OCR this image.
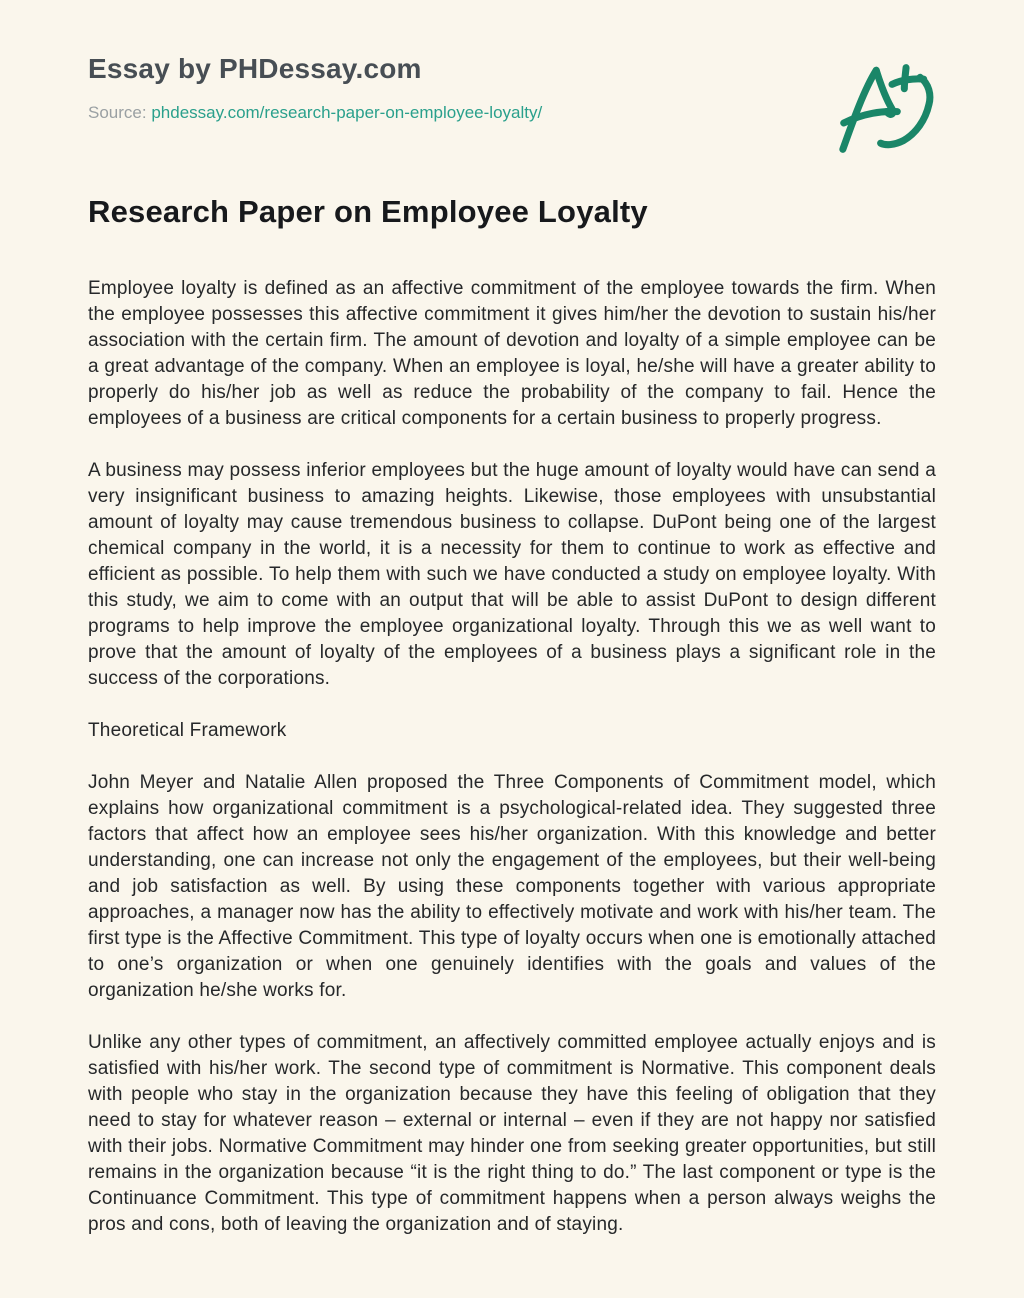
Essay by PHDessay.com
Source: phdessay.com/research-paper-on-employee-loyalty/
Research Paper on Employee Loyalty

Employee loyalty is defined as an affective commitment of the employee towards the firm. When the employee possesses this affective commitment it gives him/her the devotion to sustain his/her association with the certain firm. The amount of devotion and loyalty of a simple employee can be a great advantage of the company. When an employee is loyal, he/she will have a greater ability to properly do his/her job as well as reduce the probability of the company to fail. Hence the employees of a business are critical components for a certain business to properly progress.

A business may possess inferior employees but the huge amount of loyalty would have can send a very insignificant business to amazing heights. Likewise, those employees with unsubstantial amount of loyalty may cause tremendous business to collapse. DuPont being one of the largest chemical company in the world, it is a necessity for them to continue to work as effective and efficient as possible. To help them with such we have conducted a study on employee loyalty. With this study, we aim to come with an output that will be able to assist DuPont to design different programs to help improve the employee organizational loyalty. Through this we as well want to prove that the amount of loyalty of the employees of a business plays a significant role in the success of the corporations.

Theoretical Framework

John Meyer and Natalie Allen proposed the Three Components of Commitment model, which explains how organizational commitment is a psychological-related idea. They suggested three factors that affect how an employee sees his/her organization. With this knowledge and better understanding, one can increase not only the engagement of the employees, but their well-being and job satisfaction as well. By using these components together with various appropriate approaches, a manager now has the ability to effectively motivate and work with his/her team. The first type is the Affective Commitment. This type of loyalty occurs when one is emotionally attached to one’s organization or when one genuinely identifies with the goals and values of the organization he/she works for.

Unlike any other types of commitment, an affectively committed employee actually enjoys and is satisfied with his/her work. The second type of commitment is Normative. This component deals with people who stay in the organization because they have this feeling of obligation that they need to stay for whatever reason – external or internal – even if they are not happy nor satisfied with their jobs. Normative Commitment may hinder one from seeking greater opportunities, but still remains in the organization because “it is the right thing to do.” The last component or type is the Continuance Commitment. This type of commitment happens when a person always weighs the pros and cons, both of leaving the organization and of staying.
